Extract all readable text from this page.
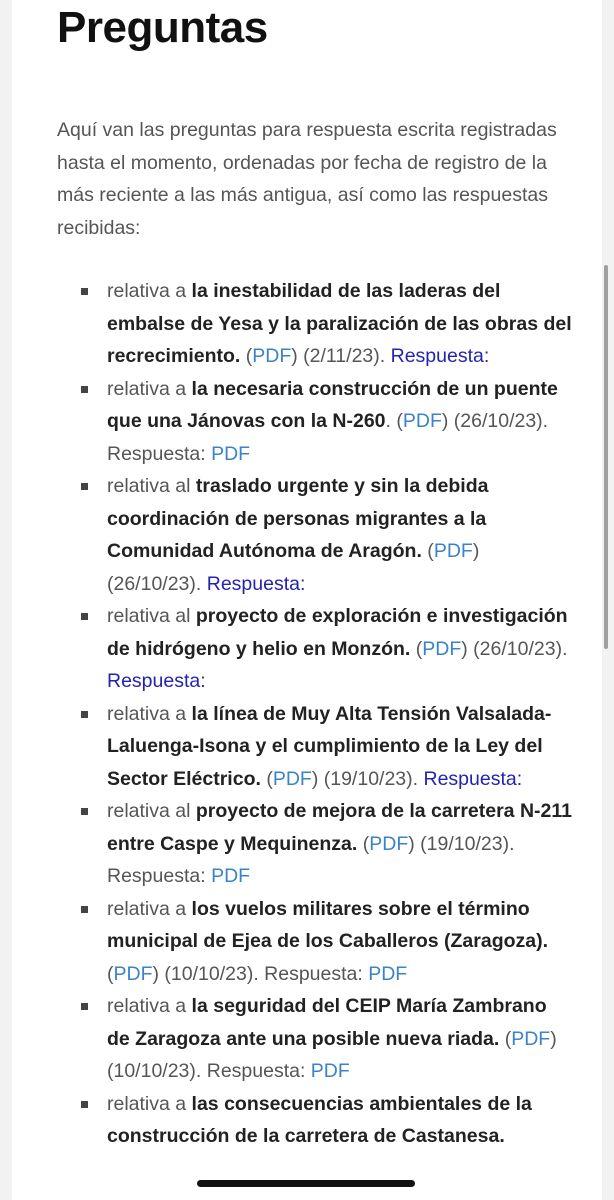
Preguntas

Aquí van las preguntas para respuesta escrita registradas hasta el momento, ordenadas por fecha de registro de la más reciente a las más antigua, así como las respuestas recibidas:

relativa a la inestabilidad de las laderas del embalse de Yesa y la paralización de las obras del recrecimiento. (PDF) (2/11/23). Respuesta:
relativa a la necesaria construcción de un puente que una Jánovas con la N-260. (PDF) (26/10/23). Respuesta: PDF
relativa al traslado urgente y sin la debida coordinación de personas migrantes a la Comunidad Autónoma de Aragón. (PDF) (26/10/23). Respuesta:
relativa al proyecto de exploración e investigación de hidrógeno y helio en Monzón. (PDF) (26/10/23). Respuesta:
relativa a la línea de Muy Alta Tensión Valsalada-Laluenga-Isona y el cumplimiento de la Ley del Sector Eléctrico. (PDF) (19/10/23). Respuesta:
relativa al proyecto de mejora de la carretera N-211 entre Caspe y Mequinenza. (PDF) (19/10/23). Respuesta: PDF
relativa a los vuelos militares sobre el término municipal de Ejea de los Caballeros (Zaragoza). (PDF) (10/10/23). Respuesta: PDF
relativa a la seguridad del CEIP María Zambrano de Zaragoza ante una posible nueva riada. (PDF) (10/10/23). Respuesta: PDF
relativa a las consecuencias ambientales de la construcción de la carretera de Castanesa.
